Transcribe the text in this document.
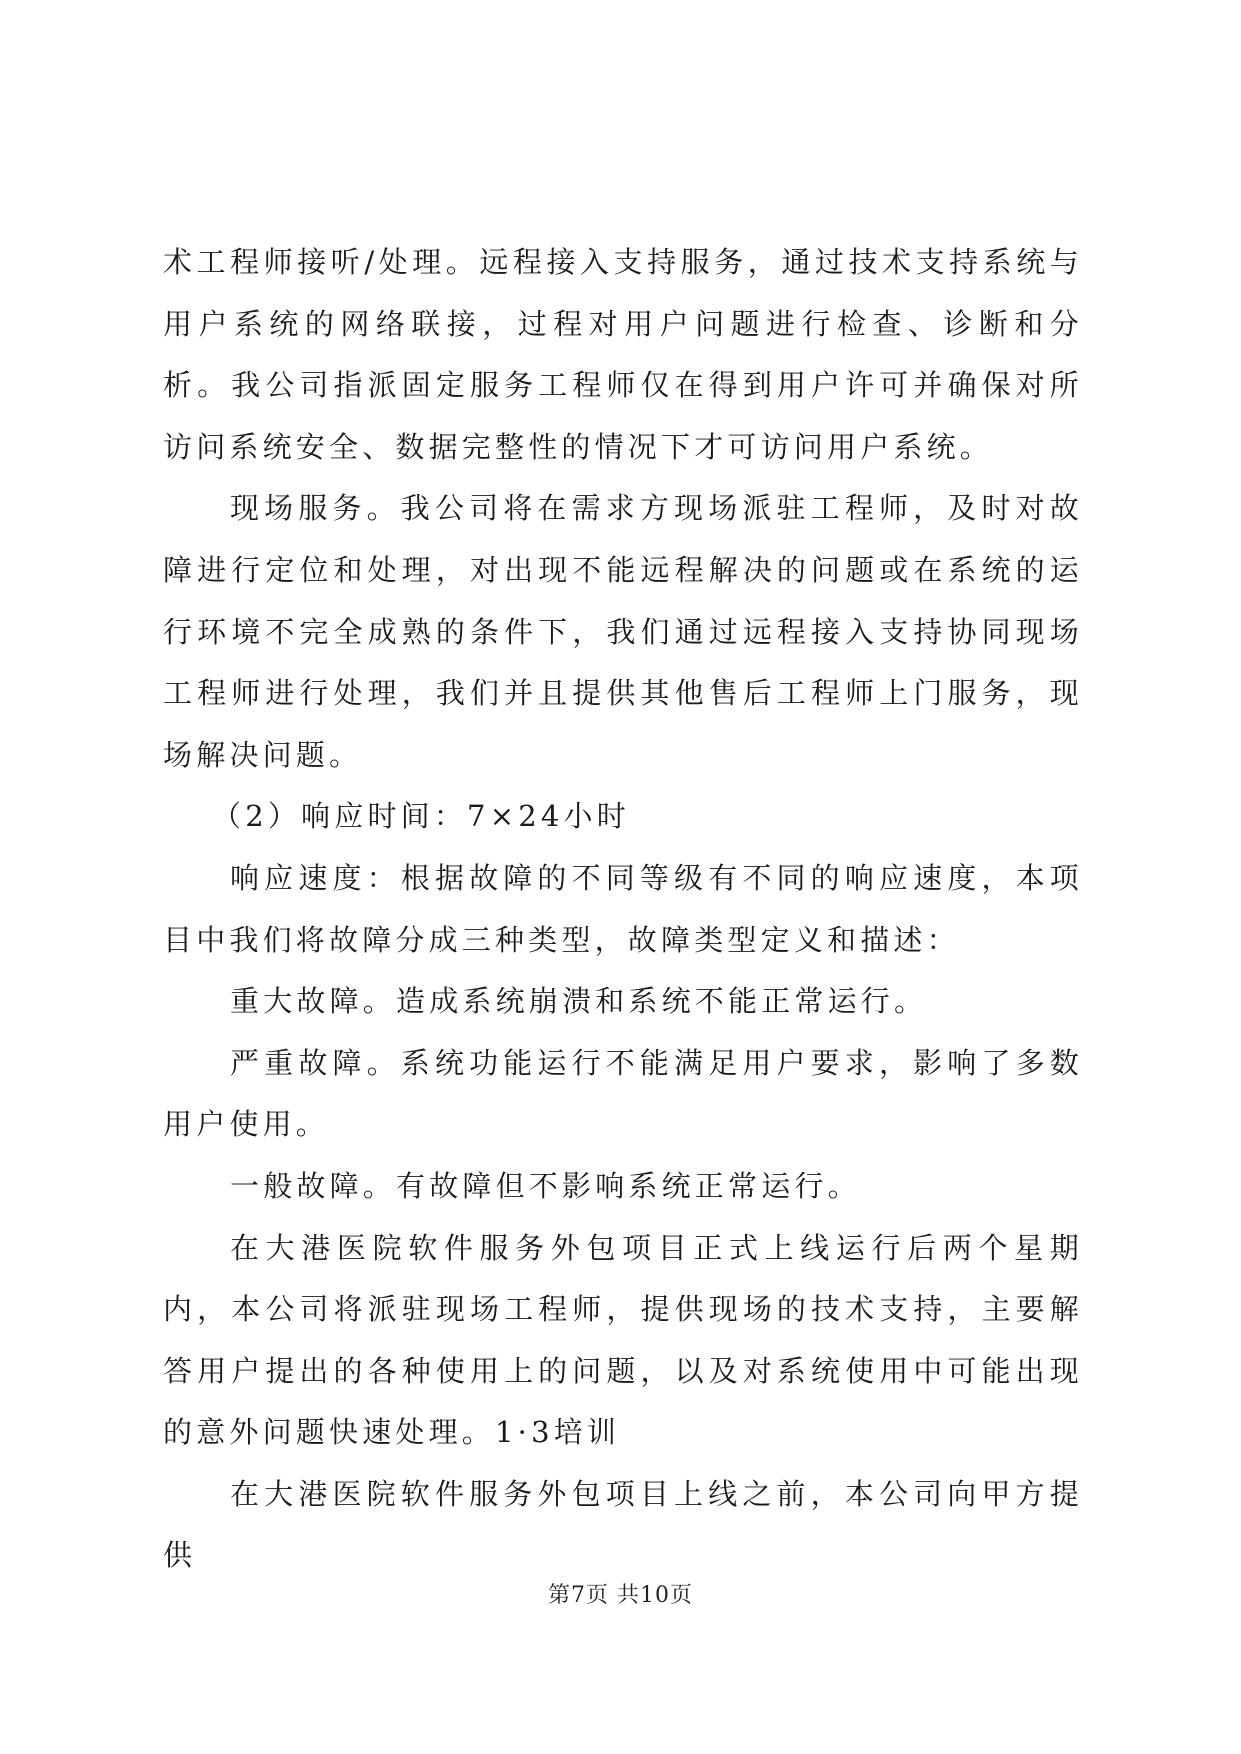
术工程师接听/处理。远程接入支持服务，通过技术支持系统与用户系统的网络联接，过程对用户问题进行检查、诊断和分析。我公司指派固定服务工程师仅在得到用户许可并确保对所访问系统安全、数据完整性的情况下才可访问用户系统。

现场服务。我公司将在需求方现场派驻工程师，及时对故障进行定位和处理，对出现不能远程解决的问题或在系统的运行环境不完全成熟的条件下，我们通过远程接入支持协同现场工程师进行处理，我们并且提供其他售后工程师上门服务，现场解决问题。

（2）响应时间：7×24小时

响应速度：根据故障的不同等级有不同的响应速度，本项目中我们将故障分成三种类型，故障类型定义和描述：

重大故障。造成系统崩溃和系统不能正常运行。

严重故障。系统功能运行不能满足用户要求，影响了多数用户使用。

一般故障。有故障但不影响系统正常运行。

在大港医院软件服务外包项目正式上线运行后两个星期内，本公司将派驻现场工程师，提供现场的技术支持，主要解答用户提出的各种使用上的问题，以及对系统使用中可能出现的意外问题快速处理。1·3培训

在大港医院软件服务外包项目上线之前，本公司向甲方提供

第7页 共10页
